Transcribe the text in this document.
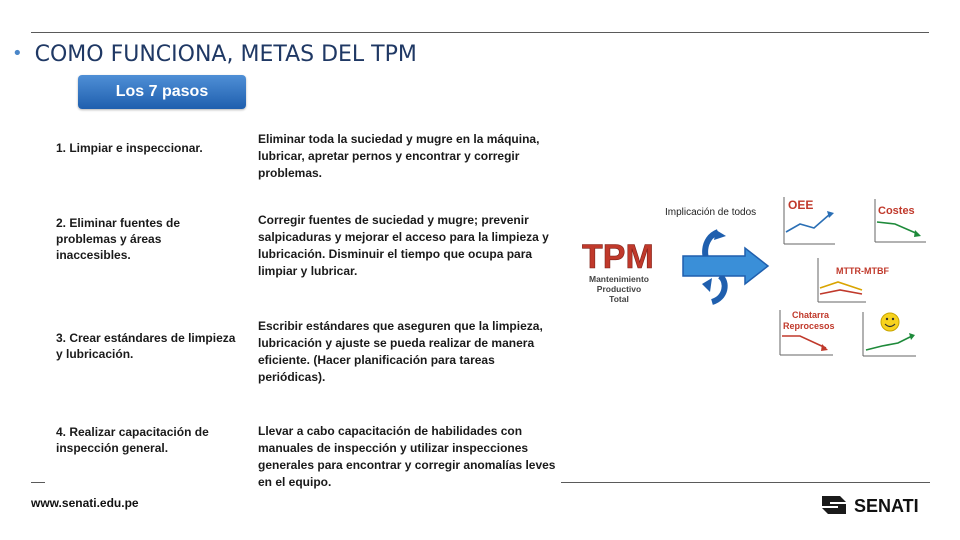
• COMO FUNCIONA, METAS DEL TPM
Los 7 pasos resumidos
1. Limpiar e inspeccionar.
Eliminar toda la suciedad y mugre en la máquina, lubricar, apretar pernos y encontrar y corregir problemas.
2. Eliminar fuentes de problemas y áreas inaccesibles.
Corregir fuentes de suciedad y mugre; prevenir salpicaduras y mejorar el acceso para la limpieza y lubricación. Disminuir el tiempo que ocupa para limpiar y lubricar.
3. Crear estándares de limpieza y lubricación.
Escribir estándares que aseguren que la limpieza, lubricación y ajuste se pueda realizar de manera eficiente. (Hacer planificación para tareas periódicas).
4. Realizar capacitación de inspección general.
Llevar a cabo capacitación de habilidades con manuales de inspección y utilizar inspecciones generales para encontrar y corregir anomalías leves en el equipo.
Implicación de todos
TPM
Mantenimiento
Productivo
Total
OEE	Costes
MTTR-MTBF
Chatarra
Reprocesos
www.senati.edu.pe	SENATI
